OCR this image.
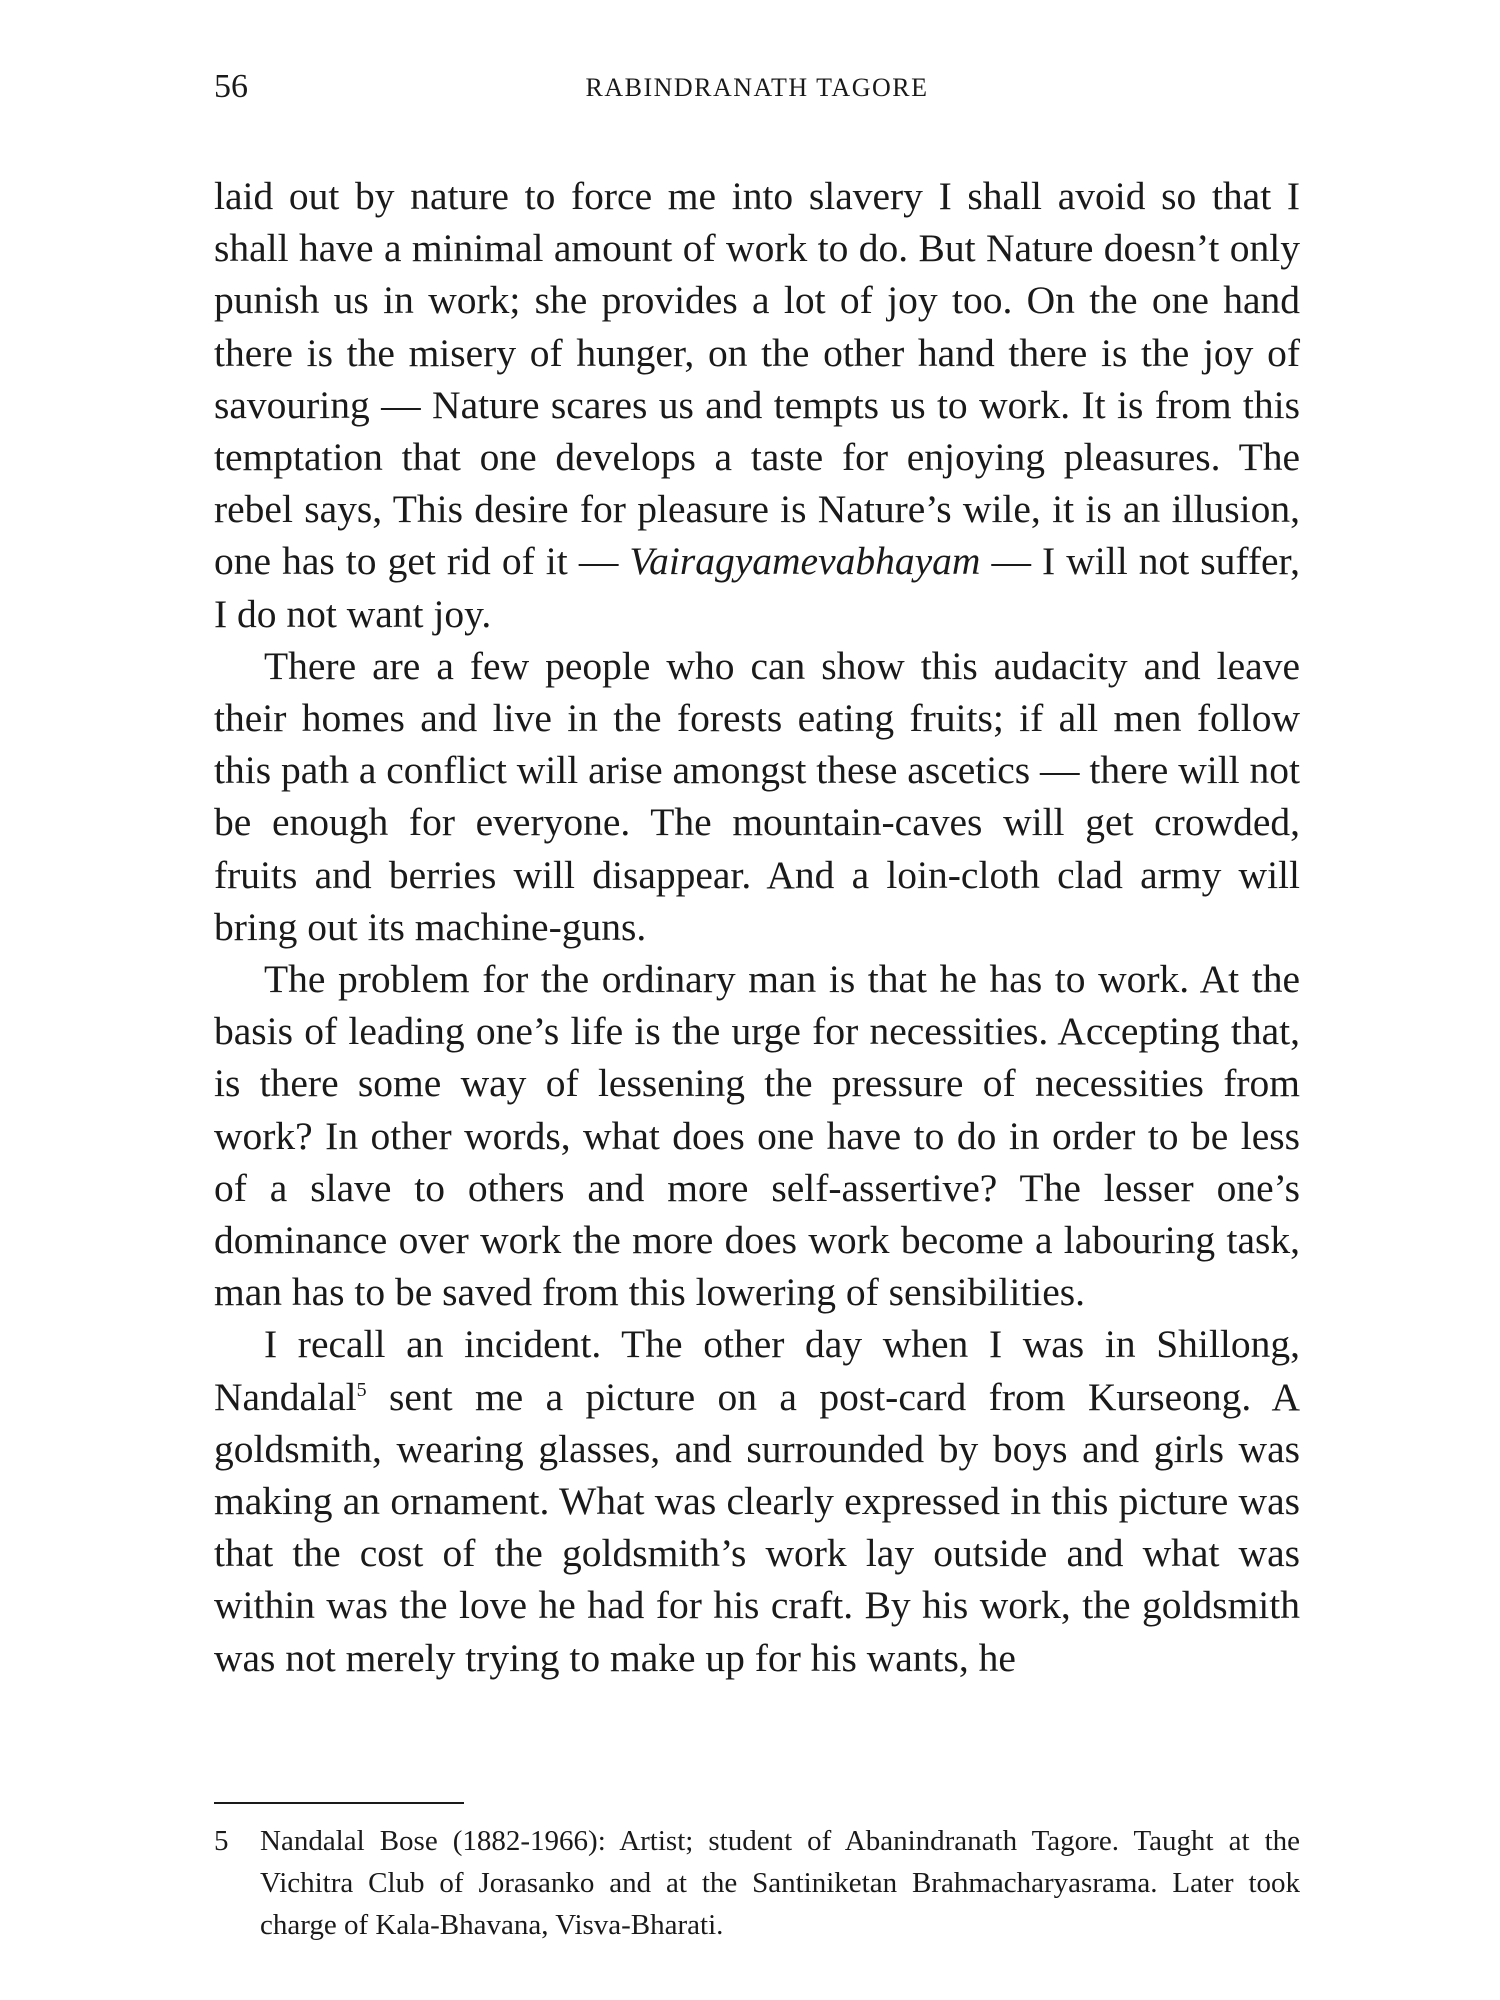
56	RABINDRANATH TAGORE

laid out by nature to force me into slavery I shall avoid so that I shall have a minimal amount of work to do. But Nature doesn’t only punish us in work; she provides a lot of joy too. On the one hand there is the misery of hunger, on the other hand there is the joy of savouring — Nature scares us and tempts us to work. It is from this temptation that one develops a taste for enjoying pleasures. The rebel says, This desire for pleasure is Nature’s wile, it is an illusion, one has to get rid of it — Vairagyamevabhayam — I will not suffer, I do not want joy.

There are a few people who can show this audacity and leave their homes and live in the forests eating fruits; if all men follow this path a conflict will arise amongst these ascetics — there will not be enough for everyone. The mountain-caves will get crowded, fruits and berries will disappear. And a loin-cloth clad army will bring out its machine-guns.

The problem for the ordinary man is that he has to work. At the basis of leading one’s life is the urge for necessities. Accepting that, is there some way of lessening the pressure of necessities from work? In other words, what does one have to do in order to be less of a slave to others and more self-assertive? The lesser one’s dominance over work the more does work become a labouring task, man has to be saved from this lowering of sensibilities.

I recall an incident. The other day when I was in Shillong, Nandalal$^5$ sent me a picture on a post-card from Kurseong. A goldsmith, wearing glasses, and surrounded by boys and girls was making an ornament. What was clearly expressed in this picture was that the cost of the goldsmith’s work lay outside and what was within was the love he had for his craft. By his work, the goldsmith was not merely trying to make up for his wants, he

5 Nandalal Bose (1882-1966): Artist; student of Abanindranath Tagore. Taught at the Vichitra Club of Jorasanko and at the Santiniketan Brahmacharyasrama. Later took charge of Kala-Bhavana, Visva-Bharati.
